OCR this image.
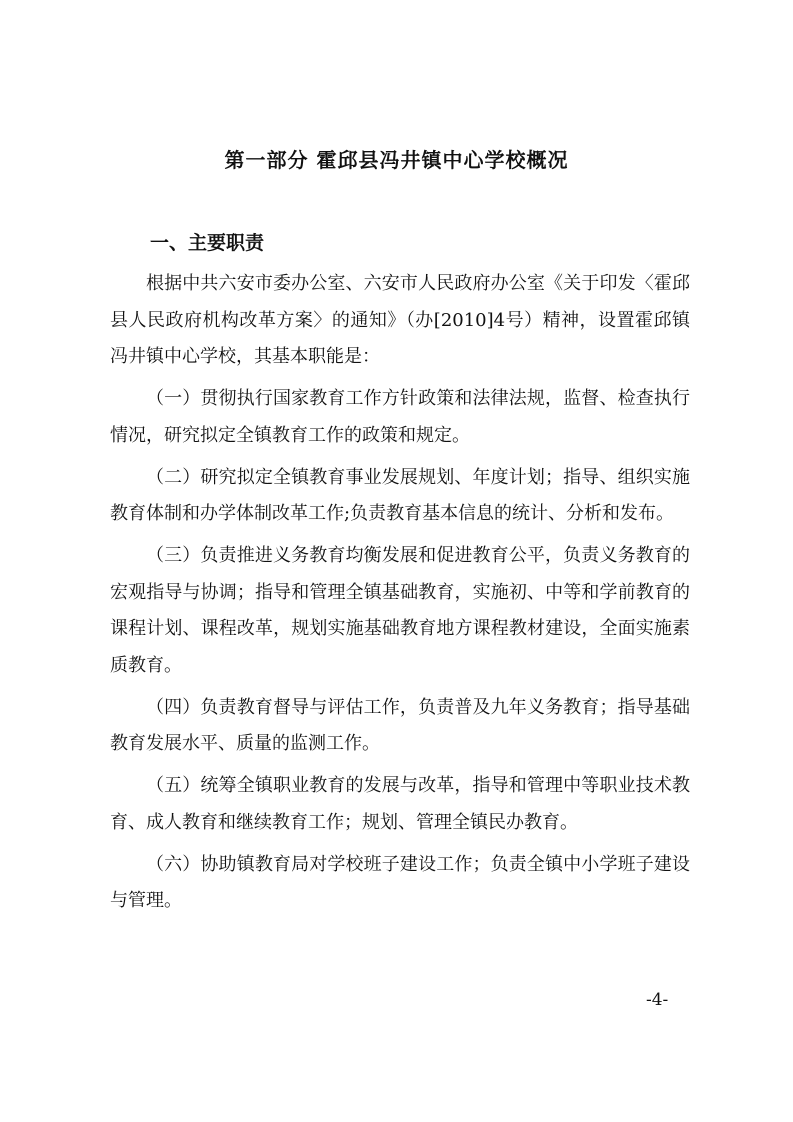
第一部分 霍邱县冯井镇中心学校概况
一、主要职责

根据中共六安市委办公室、六安市人民政府办公室《关于印发〈霍邱县人民政府机构改革方案〉的通知》（办[2010]4号）精神，设置霍邱镇冯井镇中心学校，其基本职能是：

（一）贯彻执行国家教育工作方针政策和法律法规，监督、检查执行 情况，研究拟定全镇教育工作的政策和规定。

（二）研究拟定全镇教育事业发展规划、年度计划；指导、组织实施 教育体制和办学体制改革工作;负责教育基本信息的统计、分析和发布。

（三）负责推进义务教育均衡发展和促进教育公平，负责义务教育的宏观指导与协调；指导和管理全镇基础教育，实施初、中等和学前教育的课程计划、课程改革，规划实施基础教育地方课程教材建设，全面实施素质教育。

（四）负责教育督导与评估工作，负责普及九年义务教育；指导基础教育发展水平、质量的监测工作。

（五）统筹全镇职业教育的发展与改革，指导和管理中等职业技术教育、成人教育和继续教育工作；规划、管理全镇民办教育。

（六）协助镇教育局对学校班子建设工作；负责全镇中小学班子建设与管理。

-4-
